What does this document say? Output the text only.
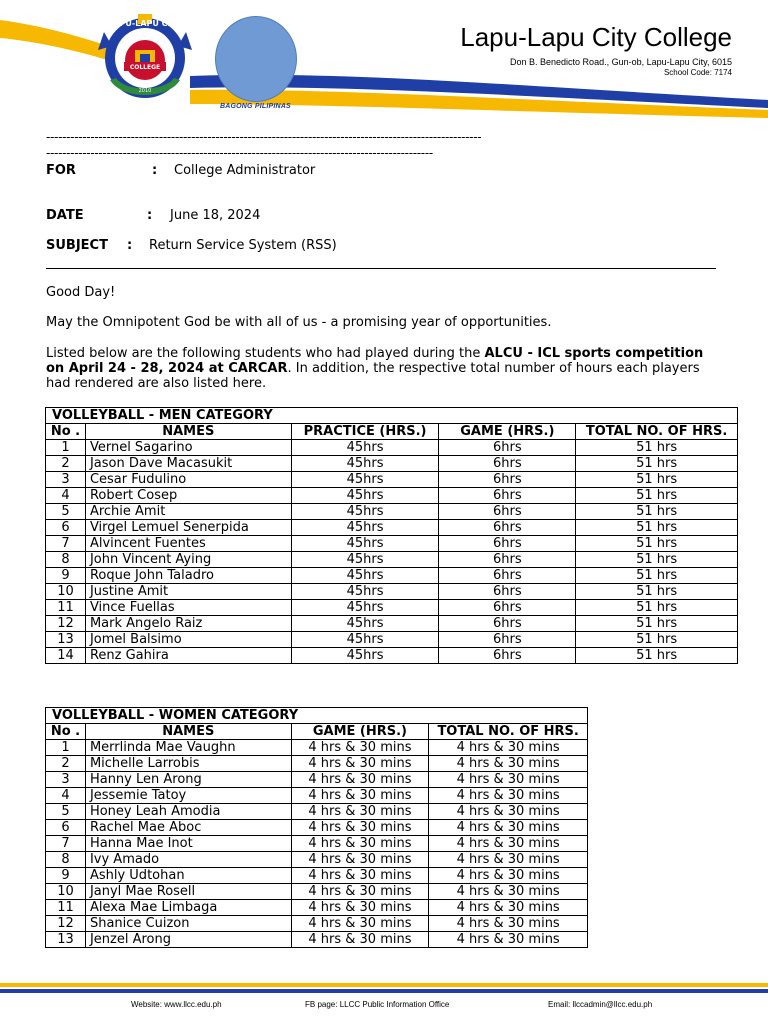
LAPU-LAPU CITY
COLLEGE
2010
BAGONG PILIPINAS
Lapu-Lapu City College
Don B. Benedicto Road., Gun-ob, Lapu-Lapu City, 6015
School Code: 7174
------------------------------------------------------------------------------------------------------------
------------------------------------------------------------------------------------------------
FOR	: College Administrator
DATE	: June 18, 2024
SUBJECT : Return Service System (RSS)
Good Day!
May the Omnipotent God be with all of us - a promising year of opportunities.
Listed below are the following students who had played during the ALCU - ICL sports competition on April 24 - 28, 2024 at CARCAR. In addition, the respective total number of hours each players had rendered are also listed here.
VOLLEYBALL - MEN CATEGORY				
No .	NAMES	PRACTICE (HRS.)	GAME (HRS.)	TOTAL NO. OF HRS.
1	Vernel Sagarino	45hrs	6hrs	51 hrs
2	Jason Dave Macasukit	45hrs	6hrs	51 hrs
3	Cesar Fudulino	45hrs	6hrs	51 hrs
4	Robert Cosep	45hrs	6hrs	51 hrs
5	Archie Amit	45hrs	6hrs	51 hrs
6	Virgel Lemuel Senerpida	45hrs	6hrs	51 hrs
7	Alvincent Fuentes	45hrs	6hrs	51 hrs
8	John Vincent Aying	45hrs	6hrs	51 hrs
9	Roque John Taladro	45hrs	6hrs	51 hrs
10	Justine Amit	45hrs	6hrs	51 hrs
11	Vince Fuellas	45hrs	6hrs	51 hrs
12	Mark Angelo Raiz	45hrs	6hrs	51 hrs
13	Jomel Balsimo	45hrs	6hrs	51 hrs
14	Renz Gahira	45hrs	6hrs	51 hrs
VOLLEYBALL - WOMEN CATEGORY			
No .	NAMES	GAME (HRS.)	TOTAL NO. OF HRS.
1	Merrlinda Mae Vaughn	4 hrs & 30 mins	4 hrs & 30 mins
2	Michelle Larrobis	4 hrs & 30 mins	4 hrs & 30 mins
3	Hanny Len Arong	4 hrs & 30 mins	4 hrs & 30 mins
4	Jessemie Tatoy	4 hrs & 30 mins	4 hrs & 30 mins
5	Honey Leah Amodia	4 hrs & 30 mins	4 hrs & 30 mins
6	Rachel Mae Aboc	4 hrs & 30 mins	4 hrs & 30 mins
7	Hanna Mae Inot	4 hrs & 30 mins	4 hrs & 30 mins
8	Ivy Amado	4 hrs & 30 mins	4 hrs & 30 mins
9	Ashly Udtohan	4 hrs & 30 mins	4 hrs & 30 mins
10	Janyl Mae Rosell	4 hrs & 30 mins	4 hrs & 30 mins
11	Alexa Mae Limbaga	4 hrs & 30 mins	4 hrs & 30 mins
12	Shanice Cuizon	4 hrs & 30 mins	4 hrs & 30 mins
13	Jenzel Arong	4 hrs & 30 mins	4 hrs & 30 mins
Website: www.llcc.edu.ph	FB page: LLCC Public Information Office	Email: llccadmin@llcc.edu.ph
